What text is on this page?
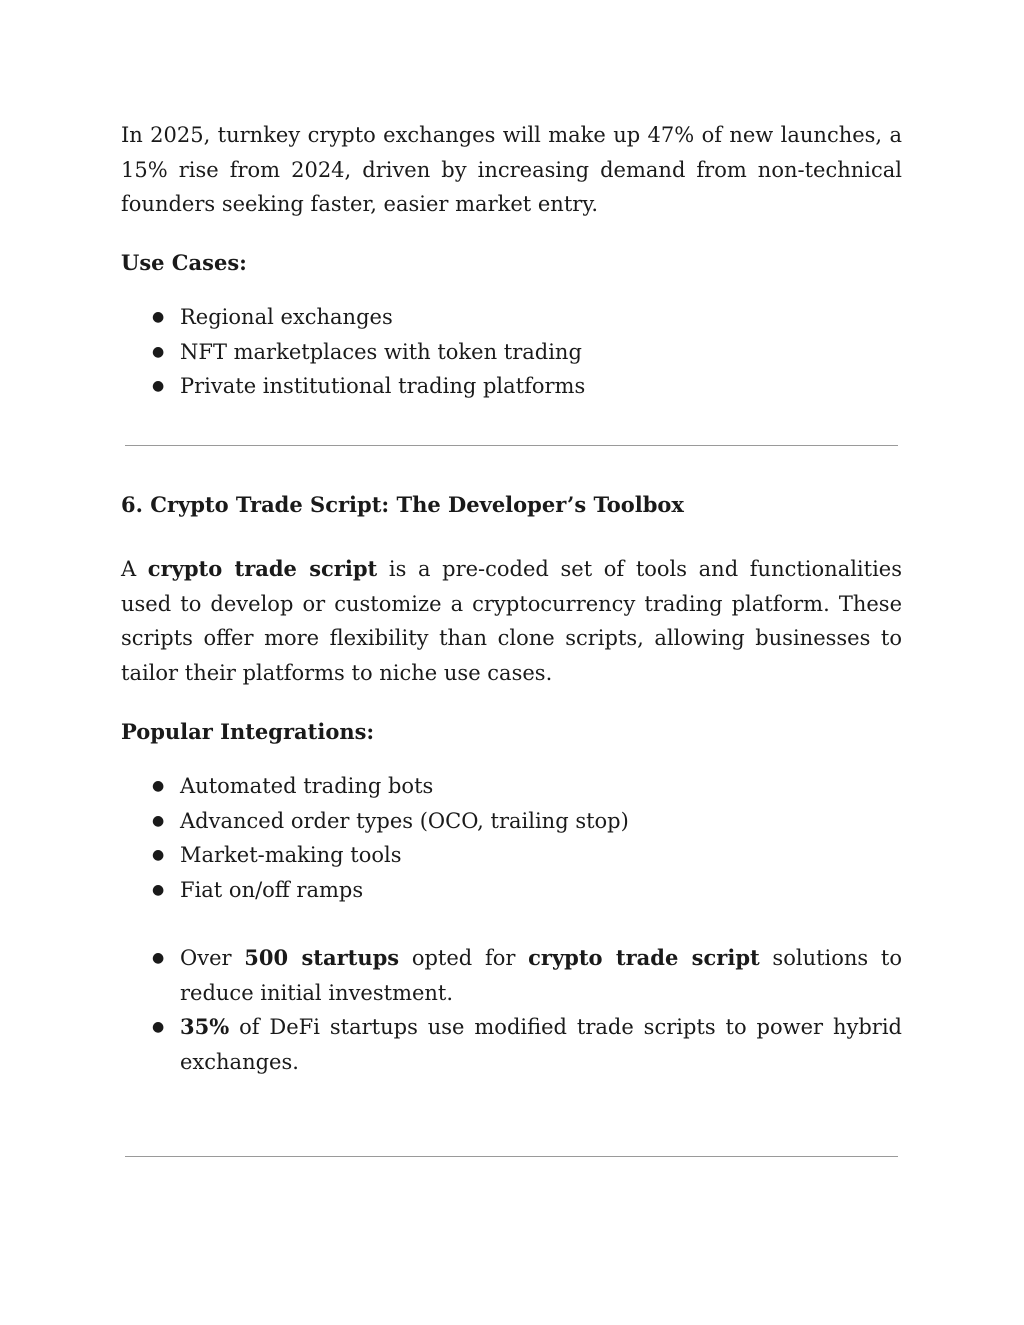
In 2025, turnkey crypto exchanges will make up 47% of new launches, a 15% rise from 2024, driven by increasing demand from non-technical founders seeking faster, easier market entry.

Use Cases:

● Regional exchanges
● NFT marketplaces with token trading
● Private institutional trading platforms

6. Crypto Trade Script: The Developer’s Toolbox

A crypto trade script is a pre-coded set of tools and functionalities used to develop or customize a cryptocurrency trading platform. These scripts offer more flexibility than clone scripts, allowing businesses to tailor their platforms to niche use cases.

Popular Integrations:

● Automated trading bots
● Advanced order types (OCO, trailing stop)
● Market-making tools
● Fiat on/off ramps
● Over 500 startups opted for crypto trade script solutions to reduce initial investment.
● 35% of DeFi startups use modified trade scripts to power hybrid exchanges.
